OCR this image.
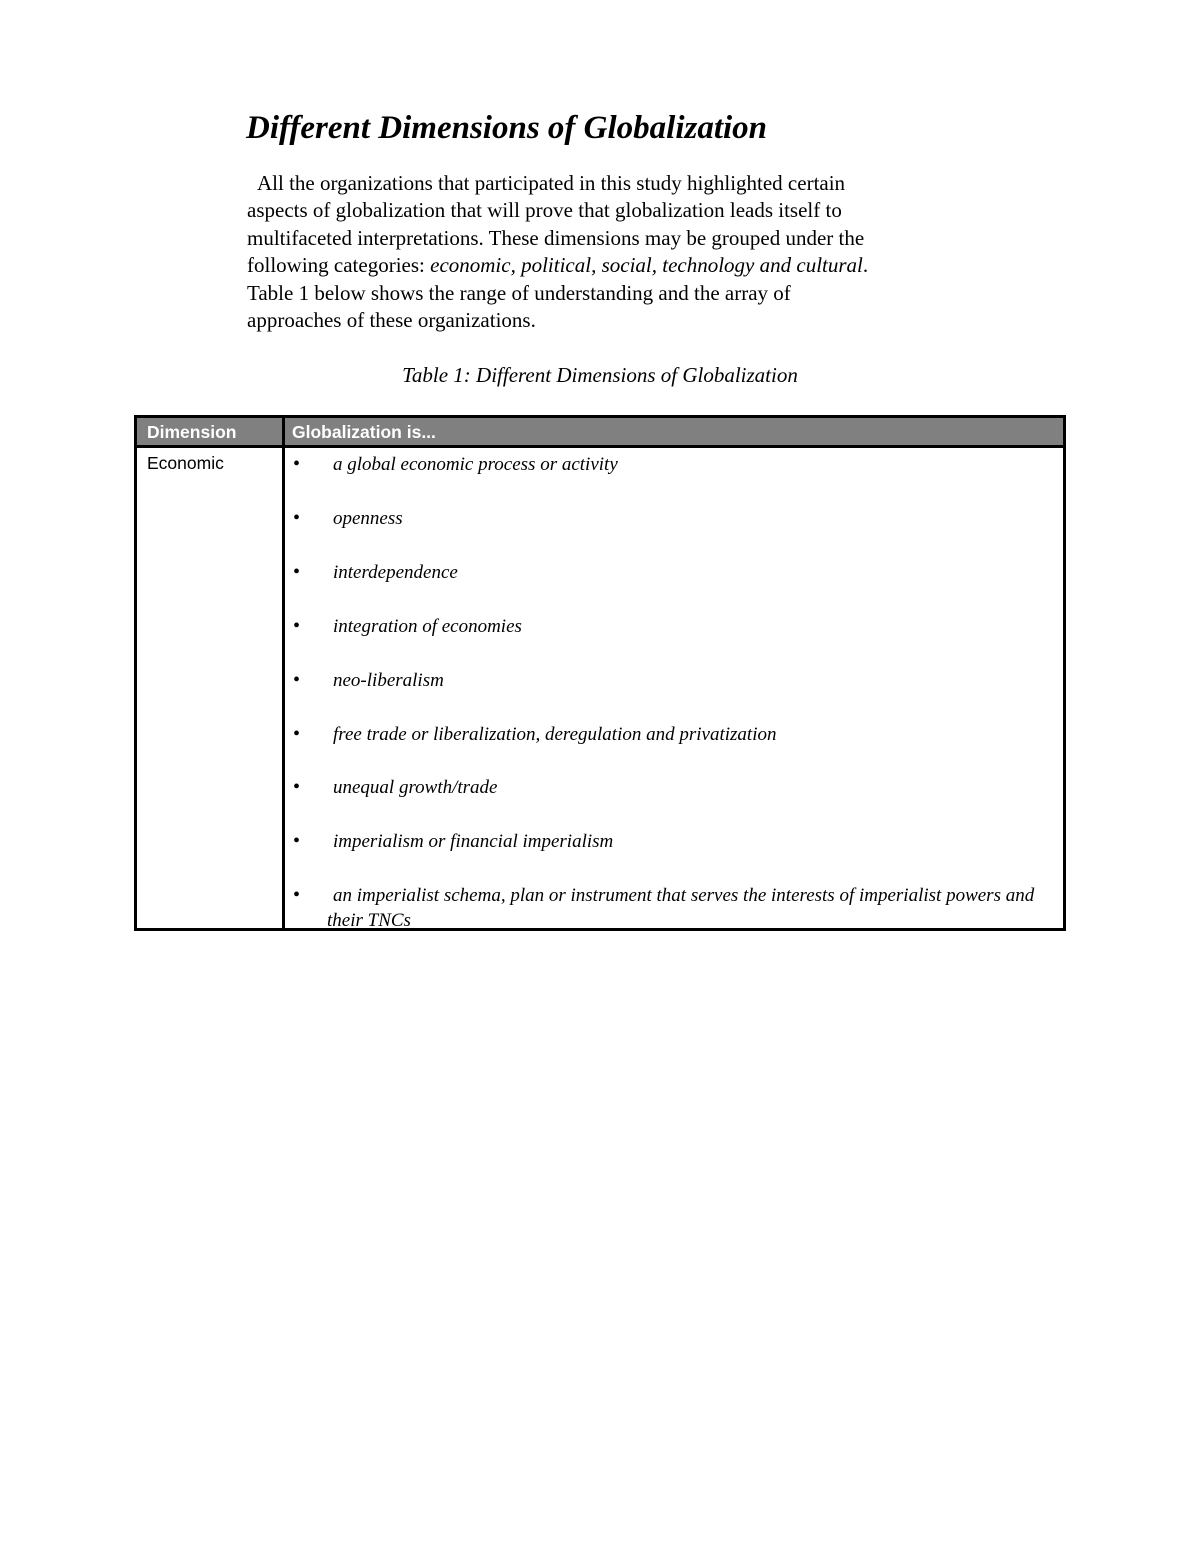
Different Dimensions of Globalization

All the organizations that participated in this study highlighted certain
aspects of globalization that will prove that globalization leads itself to
multifaceted interpretations. These dimensions may be grouped under the
following categories: economic, political, social, technology and cultural.
Table 1 below shows the range of understanding and the array of
approaches of these organizations.

Table 1: Different Dimensions of Globalization

Dimension	Globalization is...
Economic	• a global economic process or activity
• openness
• interdependence
• integration of economies
• neo-liberalism
• free trade or liberalization, deregulation and privatization
• unequal growth/trade
• imperialism or financial imperialism
•	an imperialist schema, plan or instrument that serves the interests of imperialist powers and their TNCs
